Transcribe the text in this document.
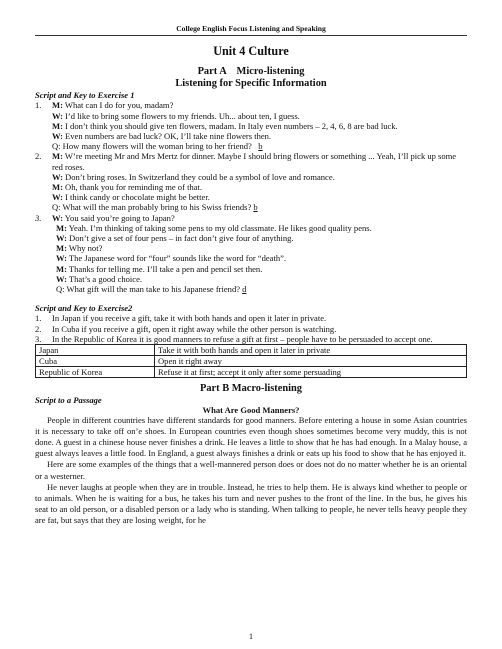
College English Focus Listening and Speaking
Unit 4 Culture
Part A    Micro-listening
Listening for Specific Information
Script and Key to Exercise 1
1. M: What can I do for you, madam?
W: I’d like to bring some flowers to my friends. Uh... about ten, I guess.
M: I don’t think you should give ten flowers, madam. In Italy even numbers – 2, 4, 6, 8 are bad luck.
W: Even numbers are bad luck? OK, I’ll take nine flowers then.
Q: How many flowers will the woman bring to her friend? b
2. M: W’re meeting Mr and Mrs Mertz for dinner. Maybe I should bring flowers or something ... Yeah, I’ll pick up some red roses.
W: Don’t bring roses. In Switzerland they could be a symbol of love and romance.
M: Oh, thank you for reminding me of that.
W: I think candy or chocolate might be better.
Q: What will the man probably bring to his Swiss friends? b
3. W: You said you’re going to Japan?
M: Yeah. I’m thinking of taking some pens to my old classmate. He likes good quality pens.
W: Don’t give a set of four pens – in fact don’t give four of anything.
M: Why not?
W: The Japanese word for “four” sounds like the word for “death”.
M: Thanks for telling me. I’ll take a pen and pencil set then.
W: That’s a good choice.
Q: What gift will the man take to his Japanese friend? d
Script and Key to Exercise2
1. In Japan if you receive a gift, take it with both hands and open it later in private.
2. In Cuba if you receive a gift, open it right away while the other person is watching.
3. In the Republic of Korea it is good manners to refuse a gift at first – people have to be persuaded to accept one.
Japan	Take it with both hands and open it later in private
Cuba	Open it right away
Republic of Korea	Refuse it at first; accept it only after some persuading
Part B Macro-listening
Script to a Passage
What Are Good Manners?
People in different countries have different standards for good manners. Before entering a house in some Asian countries it is necessary to take off on’e shoes. In European countries even though shoes sometimes become very muddy, this is not done. A guest in a chinese house never finishes a drink. He leaves a little to show that he has had enough. In a Malay house, a guest always leaves a little food. In England, a guest always finishes a drink or eats up his food to show that he has enjoyed it.
Here are some examples of the things that a well-mannered person does or does not do no matter whether he is an oriental or a westerner.
He never laughs at people when they are in trouble. Instead, he tries to help them. He is always kind whether to people or to animals. When he is waiting for a bus, he takes his turn and never pushes to the front of the line. In the bus, he gives his seat to an old person, or a disabled person or a lady who is standing. When talking to people, he never tells heavy people they are fat, but says that they are losing weight, for he
1
